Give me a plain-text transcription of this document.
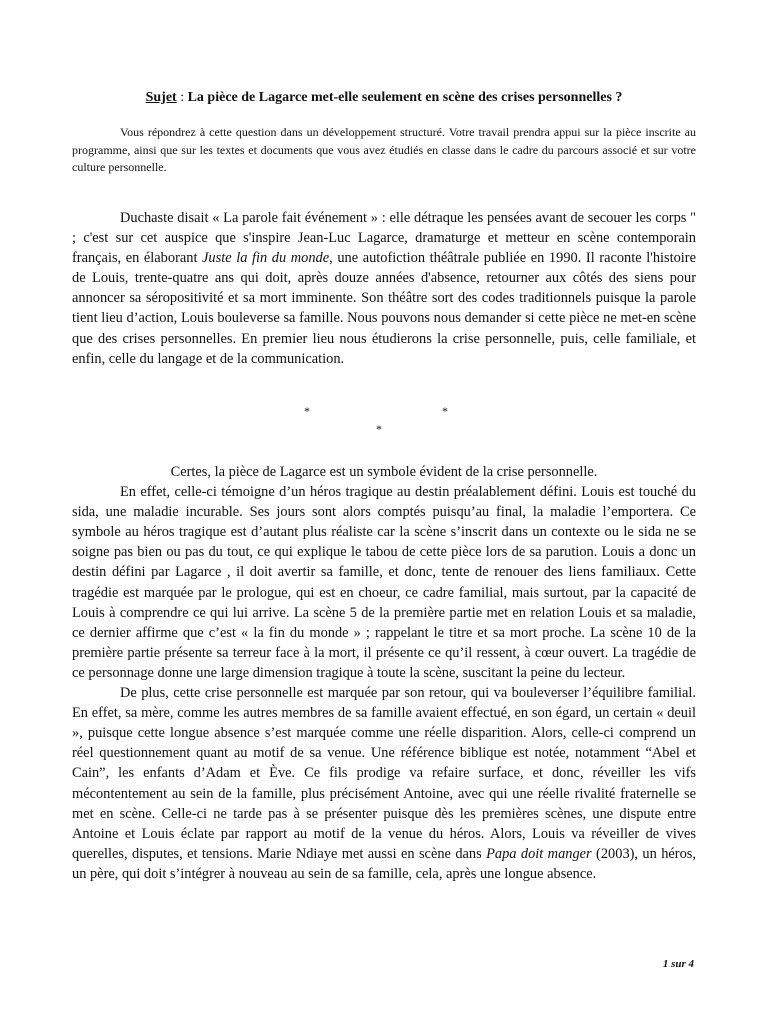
Sujet : La pièce de Lagarce met-elle seulement en scène des crises personnelles ?

Vous répondrez à cette question dans un développement structuré. Votre travail prendra appui sur la pièce inscrite au programme, ainsi que sur les textes et documents que vous avez étudiés en classe dans le cadre du parcours associé et sur votre culture personnelle.

Duchaste disait « La parole fait événement » : elle détraque les pensées avant de secouer les corps " ; c'est sur cet auspice que s'inspire Jean-Luc Lagarce, dramaturge et metteur en scène contemporain français, en élaborant Juste la fin du monde, une autofiction théâtrale publiée en 1990. Il raconte l'histoire de Louis, trente-quatre ans qui doit, après douze années d'absence, retourner aux côtés des siens pour annoncer sa séropositivité et sa mort imminente. Son théâtre sort des codes traditionnels puisque la parole tient lieu d’action, Louis bouleverse sa famille. Nous pouvons nous demander si cette pièce ne met-en scène que des crises personnelles. En premier lieu nous étudierons la crise personnelle, puis, celle familiale, et enfin, celle du langage et de la communication.

*	*
*

Certes, la pièce de Lagarce est un symbole évident de la crise personnelle.

En effet, celle-ci témoigne d’un héros tragique au destin préalablement défini. Louis est touché du sida, une maladie incurable. Ses jours sont alors comptés puisqu’au final, la maladie l’emportera. Ce symbole au héros tragique est d’autant plus réaliste car la scène s’inscrit dans un contexte ou le sida ne se soigne pas bien ou pas du tout, ce qui explique le tabou de cette pièce lors de sa parution. Louis a donc un destin défini par Lagarce , il doit avertir sa famille, et donc, tente de renouer des liens familiaux. Cette tragédie est marquée par le prologue, qui est en choeur, ce cadre familial, mais surtout, par la capacité de Louis à comprendre ce qui lui arrive. La scène 5 de la première partie met en relation Louis et sa maladie, ce dernier affirme que c’est « la fin du monde » ; rappelant le titre et sa mort proche. La scène 10 de la première partie présente sa terreur face à la mort, il présente ce qu’il ressent, à cœur ouvert. La tragédie de ce personnage donne une large dimension tragique à toute la scène, suscitant la peine du lecteur.

De plus, cette crise personnelle est marquée par son retour, qui va bouleverser l’équilibre familial. En effet, sa mère, comme les autres membres de sa famille avaient effectué, en son égard, un certain « deuil », puisque cette longue absence s’est marquée comme une réelle disparition. Alors, celle-ci comprend un réel questionnement quant au motif de sa venue. Une référence biblique est notée, notamment “Abel et Cain”, les enfants d’Adam et Ève. Ce fils prodige va refaire surface, et donc, réveiller les vifs mécontentement au sein de la famille, plus précisément Antoine, avec qui une réelle rivalité fraternelle se met en scène. Celle-ci ne tarde pas à se présenter puisque dès les premières scènes, une dispute entre Antoine et Louis éclate par rapport au motif de la venue du héros. Alors, Louis va réveiller de vives querelles, disputes, et tensions. Marie Ndiaye met aussi en scène dans Papa doit manger (2003), un héros, un père, qui doit s’intégrer à nouveau au sein de sa famille, cela, après une longue absence.

1 sur 4
